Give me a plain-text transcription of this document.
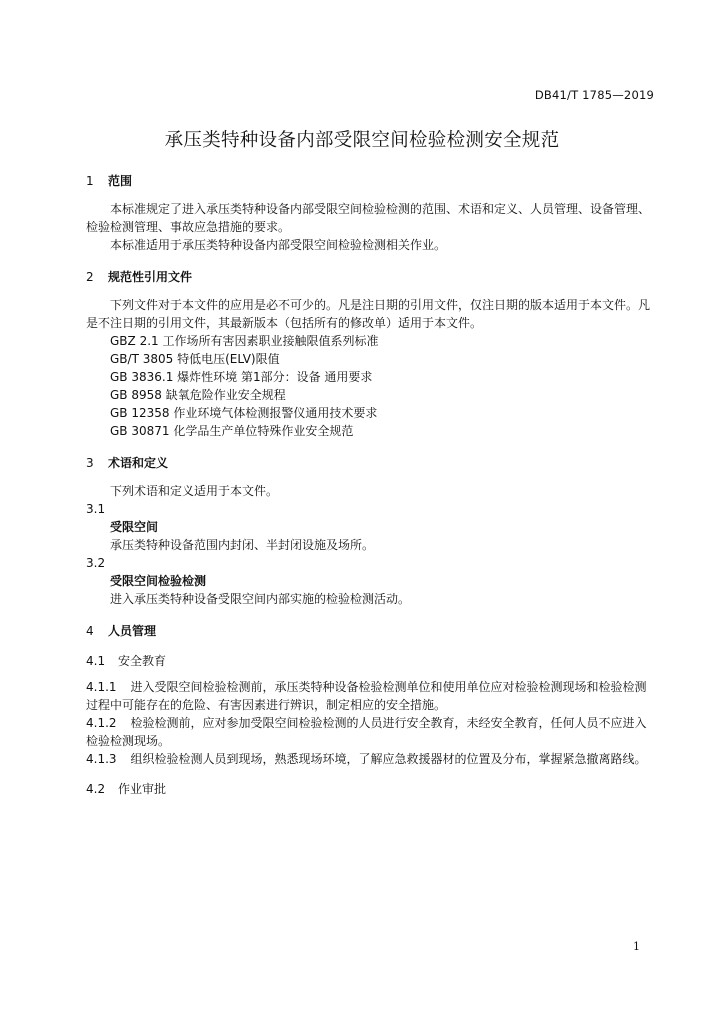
DB41/T 1785—2019
承压类特种设备内部受限空间检验检测安全规范
1 范围

本标准规定了进入承压类特种设备内部受限空间检验检测的范围、术语和定义、人员管理、设备管理、检验检测管理、事故应急措施的要求。

本标准适用于承压类特种设备内部受限空间检验检测相关作业。

2 规范性引用文件

下列文件对于本文件的应用是必不可少的。凡是注日期的引用文件，仅注日期的版本适用于本文件。凡是不注日期的引用文件，其最新版本（包括所有的修改单）适用于本文件。

GBZ 2.1 工作场所有害因素职业接触限值系列标准
GB/T 3805 特低电压(ELV)限值
GB 3836.1 爆炸性环境 第1部分：设备 通用要求
GB 8958 缺氧危险作业安全规程
GB 12358 作业环境气体检测报警仪通用技术要求
GB 30871 化学品生产单位特殊作业安全规范
3 术语和定义

下列术语和定义适用于本文件。

3.1
受限空间
承压类特种设备范围内封闭、半封闭设施及场所。
3.2
受限空间检验检测
进入承压类特种设备受限空间内部实施的检验检测活动。
4 人员管理
4.1 安全教育
4.1.1 进入受限空间检验检测前，承压类特种设备检验检测单位和使用单位应对检验检测现场和检验检测过程中可能存在的危险、有害因素进行辨识，制定相应的安全措施。
4.1.2 检验检测前，应对参加受限空间检验检测的人员进行安全教育，未经安全教育，任何人员不应进入检验检测现场。
4.1.3 组织检验检测人员到现场，熟悉现场环境，了解应急救援器材的位置及分布，掌握紧急撤离路线。
4.2 作业审批
1
